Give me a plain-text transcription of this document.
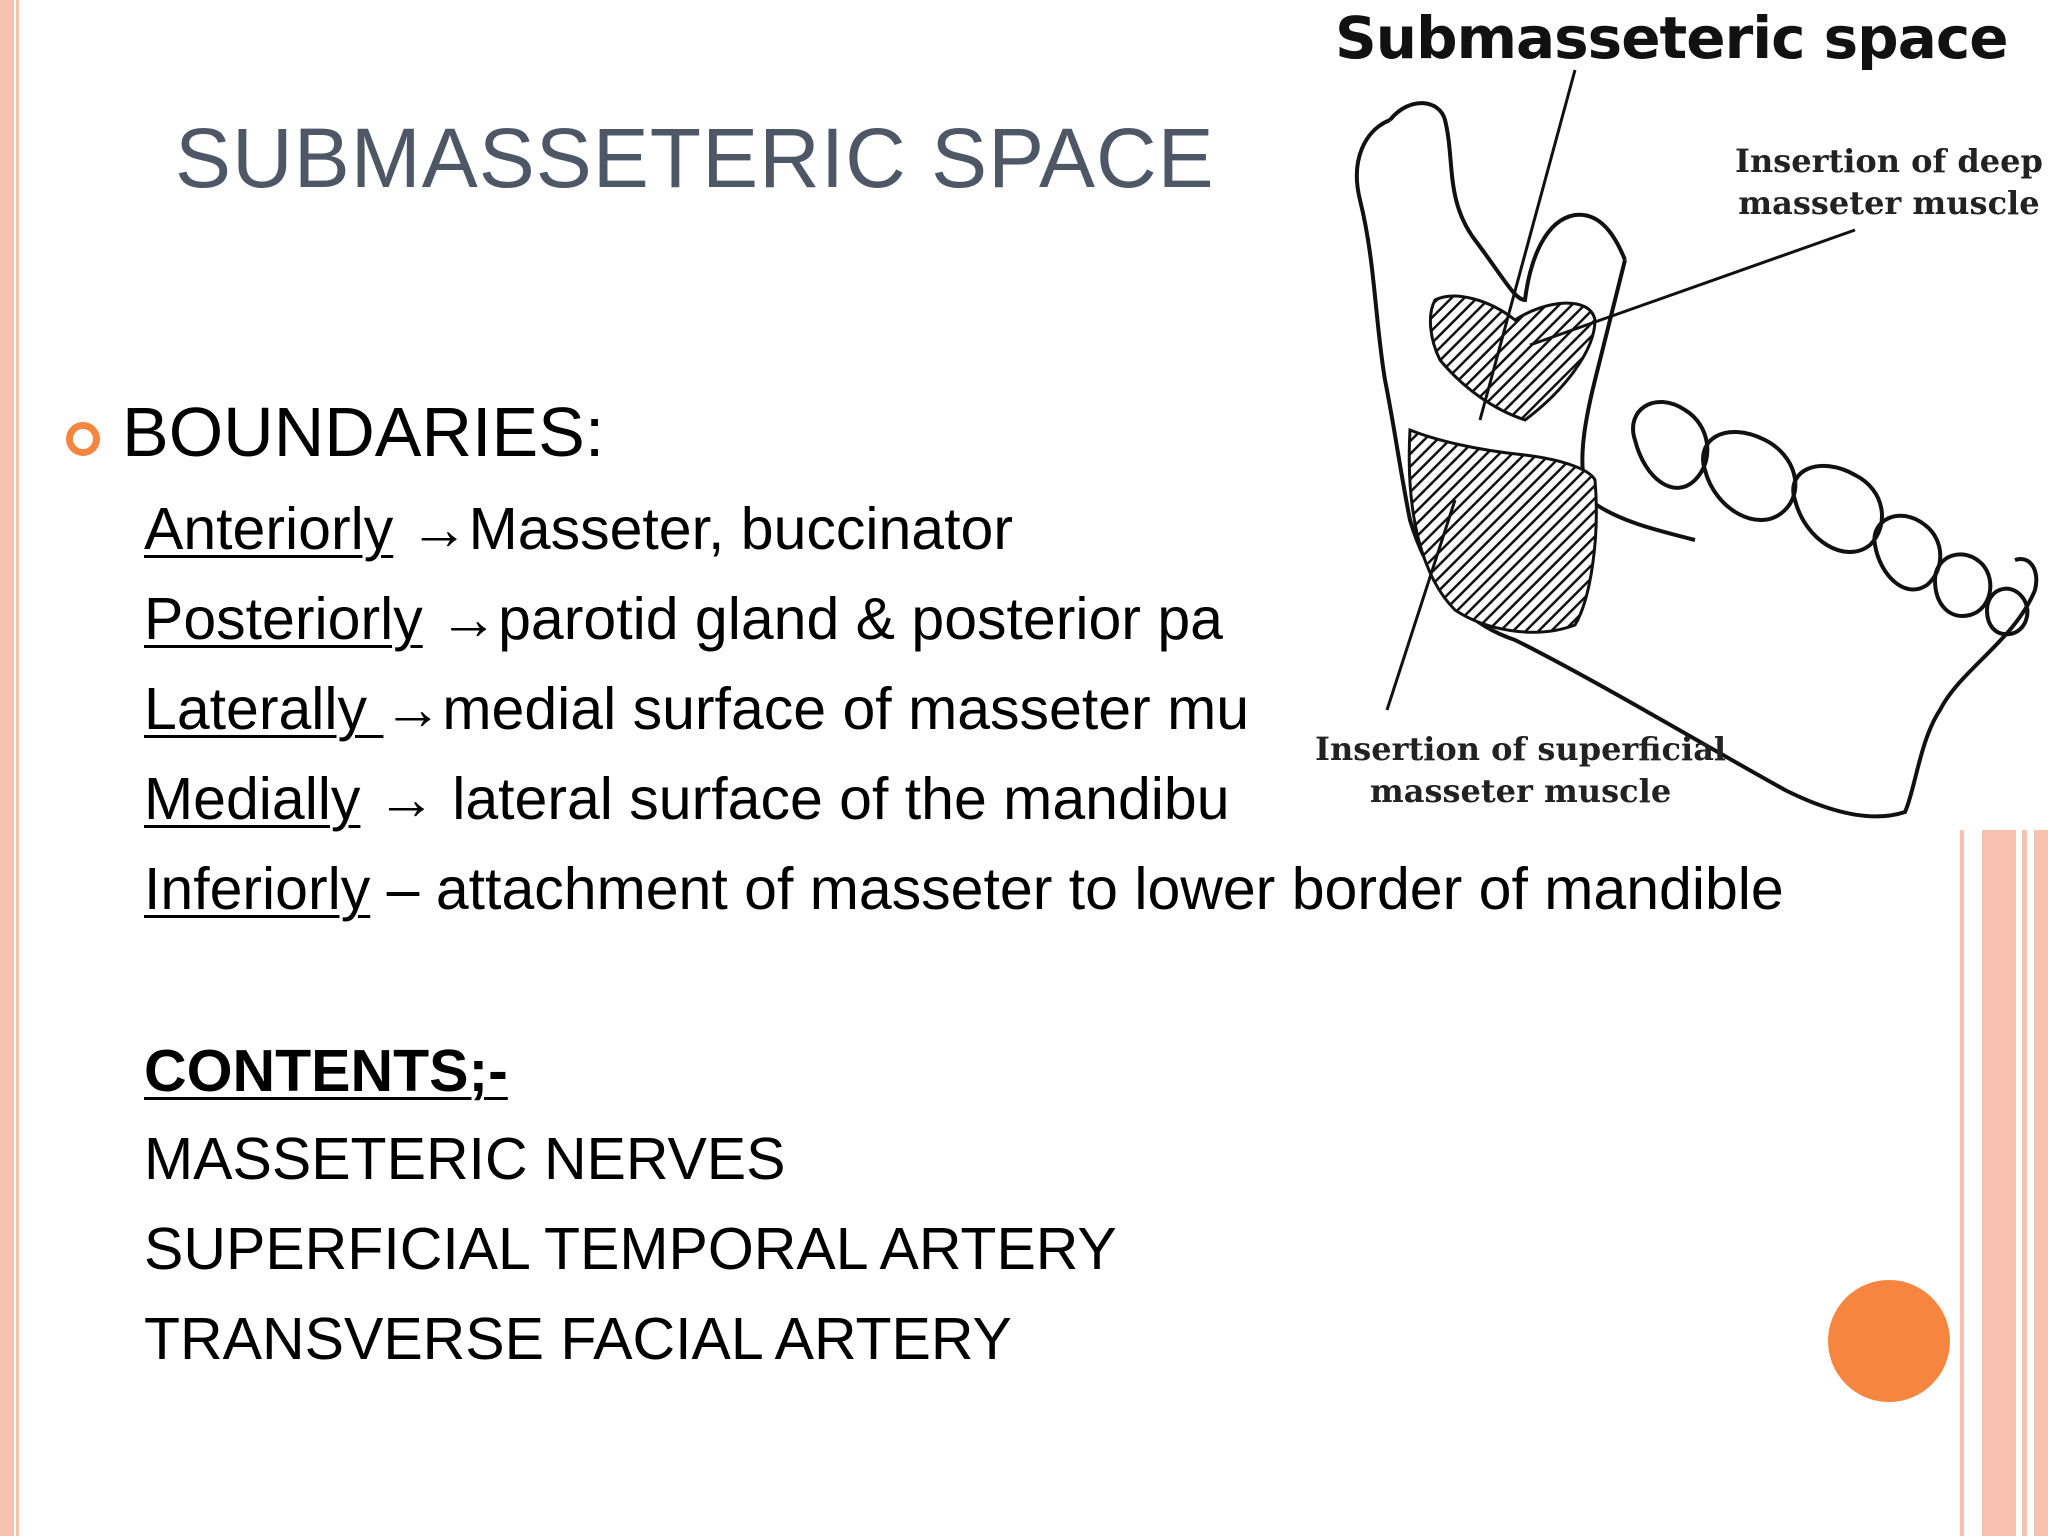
SUBMASSETERIC SPACE
BOUNDARIES:
Anteriorly →Masseter, buccinator
Posteriorly →parotid gland & posterior pa
Laterally →medial surface of masseter mu
Medially → lateral surface of the mandibu
Inferiorly – attachment of masseter to lower border of mandible
CONTENTS;-
MASSETERIC NERVES
SUPERFICIAL TEMPORAL ARTERY
TRANSVERSE FACIAL ARTERY
Submasseteric space
Insertion of deep
masseter muscle
Insertion of superficial
masseter muscle
